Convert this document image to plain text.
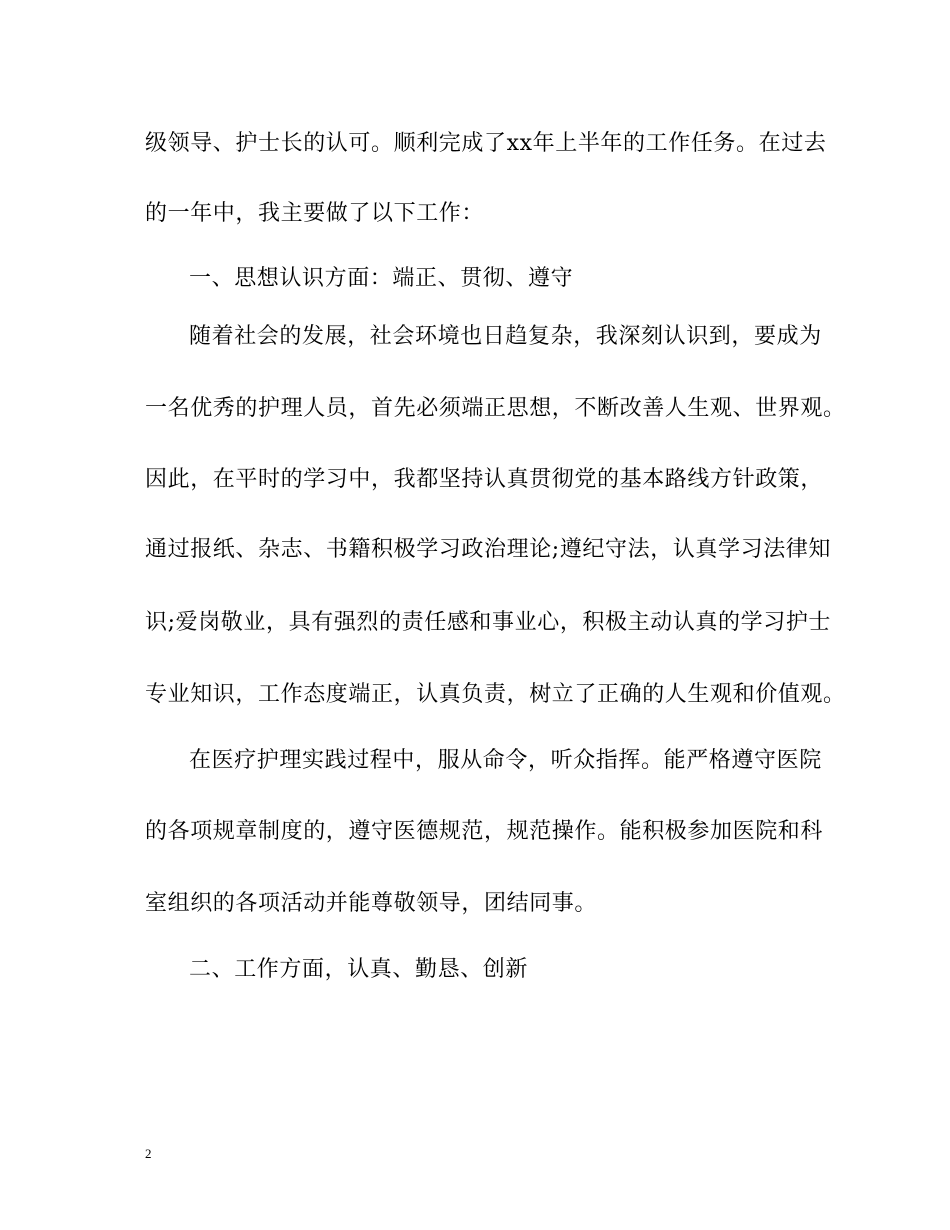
级领导、护士长的认可。顺利完成了xx年上半年的工作任务。在过去
的一年中，我主要做了以下工作：
一、思想认识方面：端正、贯彻、遵守
随着社会的发展，社会环境也日趋复杂，我深刻认识到，要成为
一名优秀的护理人员，首先必须端正思想，不断改善人生观、世界观。
因此，在平时的学习中，我都坚持认真贯彻党的基本路线方针政策，
通过报纸、杂志、书籍积极学习政治理论;遵纪守法，认真学习法律知
识;爱岗敬业，具有强烈的责任感和事业心，积极主动认真的学习护士
专业知识，工作态度端正，认真负责，树立了正确的人生观和价值观。
在医疗护理实践过程中，服从命令，听众指挥。能严格遵守医院
的各项规章制度的，遵守医德规范，规范操作。能积极参加医院和科
室组织的各项活动并能尊敬领导，团结同事。
二、工作方面，认真、勤恳、创新
2
